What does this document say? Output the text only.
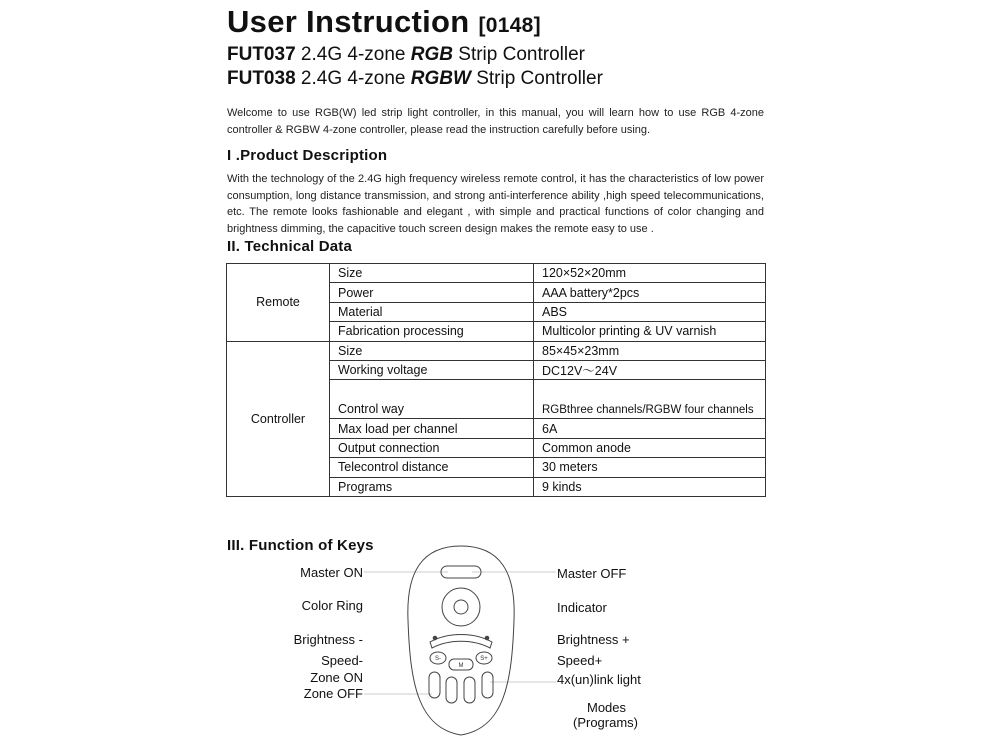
User Instruction [0148]
FUT037 2.4G 4-zone RGB Strip Controller
FUT038 2.4G 4-zone RGBW Strip Controller
Welcome to use RGB(W) led strip light controller, in this manual, you will learn how to use RGB 4-zone controller & RGBW 4-zone controller, please read the instruction carefully before using.
I .Product Description
With the technology of the 2.4G high frequency wireless remote control, it has the characteristics of low power consumption, long distance transmission, and strong anti-interference ability ,high speed telecommunications, etc. The remote looks fashionable and elegant , with simple and practical functions of color changing and brightness dimming, the capacitive touch screen design makes the remote easy to use .
II. Technical Data
Remote	Size	120×52×20mm
	Power	AAA battery*2pcs
	Material	ABS
	Fabrication processing	Multicolor printing & UV varnish
Controller	Size	85×45×23mm
	Working voltage	DC12V～24V
	Control way	RGBthree channels/RGBW four channels
	Max load per channel	6A
	Output connection	Common anode
	Telecontrol distance	30 meters
	Programs	9 kinds
III. Function of Keys
S-
M
S+
Master ON
Color Ring
Brightness -
Speed-
Zone ON
Zone OFF
Master OFF
Indicator
Brightness +
Speed+
4x(un)link light
Modes
(Programs)
